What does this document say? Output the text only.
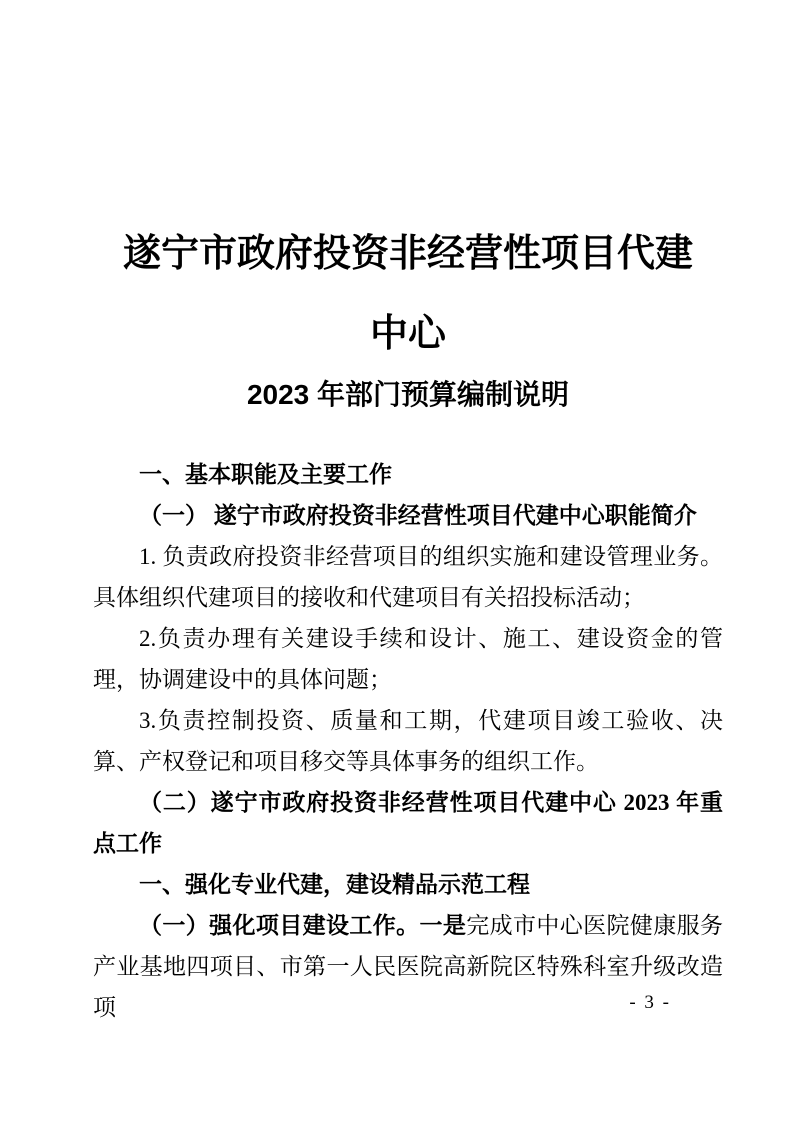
遂宁市政府投资非经营性项目代建
中心
2023 年部门预算编制说明

一、基本职能及主要工作

（一） 遂宁市政府投资非经营性项目代建中心职能简介

1. 负责政府投资非经营项目的组织实施和建设管理业务。具体组织代建项目的接收和代建项目有关招投标活动；

2.负责办理有关建设手续和设计、施工、建设资金的管理，协调建设中的具体问题；

3.负责控制投资、质量和工期，代建项目竣工验收、决算、产权登记和项目移交等具体事务的组织工作。

（二）遂宁市政府投资非经营性项目代建中心 2023 年重点工作

一、强化专业代建，建设精品示范工程

（一）强化项目建设工作。一是完成市中心医院健康服务产业基地四项目、市第一人民医院高新院区特殊科室升级改造项	- 3 -
